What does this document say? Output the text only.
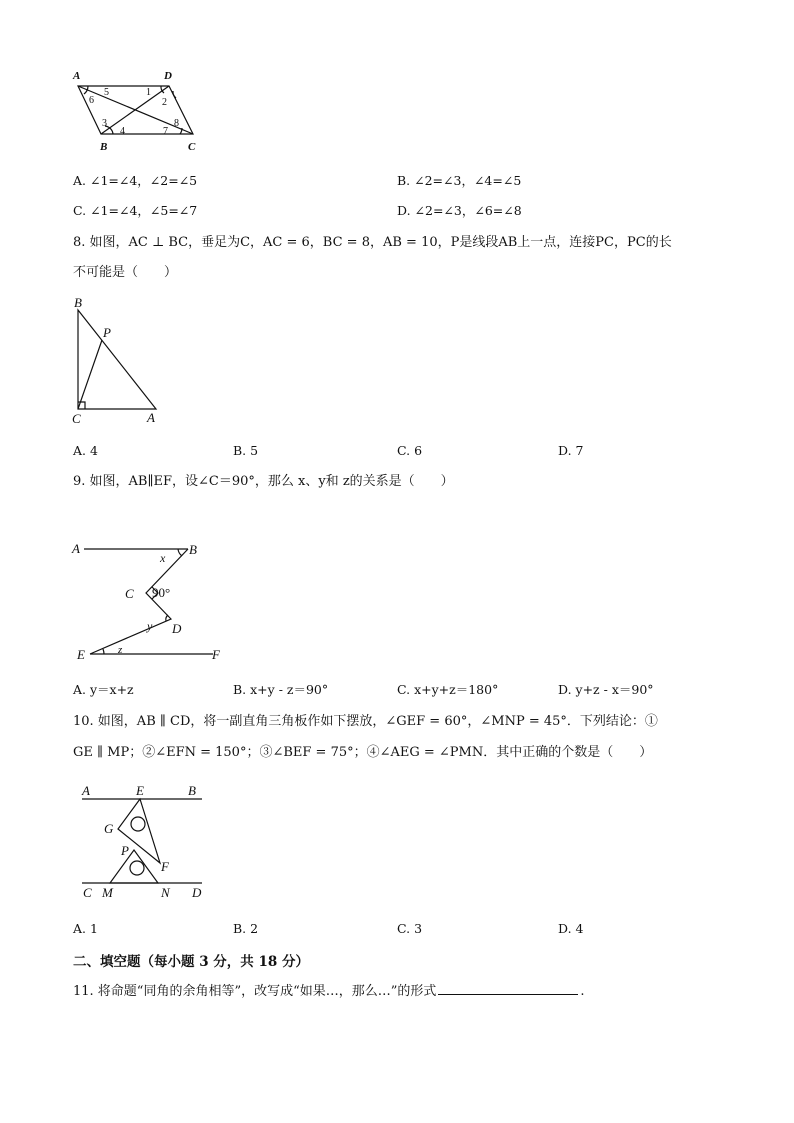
A	D
B	C
1
2
3
4
5
6
7
8
A. ∠1=∠4，∠2=∠5	B. ∠2=∠3，∠4=∠5
C. ∠1=∠4，∠5=∠7	D. ∠2=∠3，∠6=∠8
8. 如图，AC ⊥ BC，垂足为C，AC = 6，BC = 8，AB = 10，P是线段AB上一点，连接PC，PC的长
不可能是（　　）
B
P
C	A
A. 4	B. 5	C. 6	D. 7
9. 如图，AB∥EF，设∠C＝90°，那么 x、y和 z的关系是（　　）
A	B
x
C 90°
y D
E	z	F
A. y＝x+z	B. x+y - z＝90°	C. x+y+z＝180°	D. y+z - x＝90°
10. 如图，AB ∥ CD，将一副直角三角板作如下摆放，∠GEF = 60°，∠MNP = 45°．下列结论：①
GE ∥ MP；②∠EFN = 150°；③∠BEF = 75°；④∠AEG = ∠PMN．其中正确的个数是（　　）
A	E	B
G
P
F
C M	N D
A. 1	B. 2	C. 3	D. 4
二、填空题（每小题 3 分，共 18 分）
11. 将命题“同角的余角相等”，改写成“如果…，那么…”的形式	.
